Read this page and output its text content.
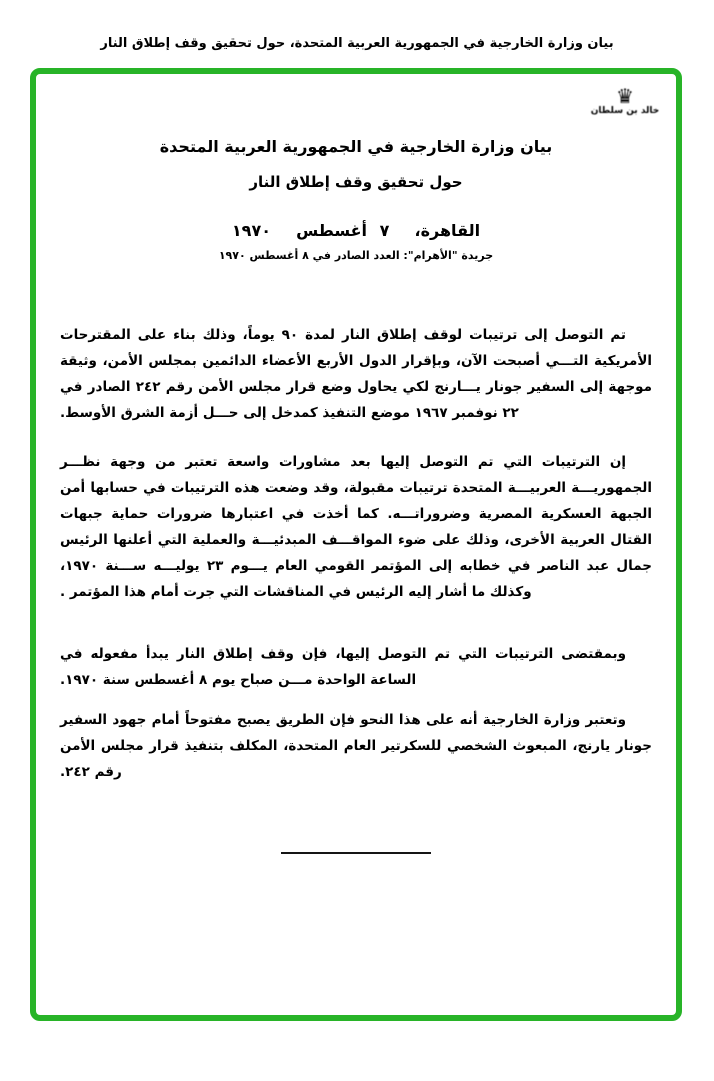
بيان وزارة الخارجية في الجمهورية العربية المتحدة، حول تحقيق وقف إطلاق النار
♛
خالد بن سلطان
بيان وزارة الخارجية في الجمهورية العربية المتحدة
حول تحقيق وقف إطلاق النار
القاهرة،  ٧ أغسطس  ١٩٧٠
جريدة "الأهرام": العدد الصادر في ٨ أغسطس ١٩٧٠

تم التوصل إلى ترتيبات لوقف إطلاق النار لمدة ٩٠ يوماً، وذلك بناء على المقترحات الأمريكية التـــي أصبحت الآن، وبإقرار الدول الأربع الأعضاء الدائمين بمجلس الأمن، وثيقة موجهة إلى السفير جونار يـــارنج لكي يحاول وضع قرار مجلس الأمن رقم ٢٤٢ الصادر في ٢٢ نوفمبر ١٩٦٧ موضع التنفيذ كمدخل إلى حـــل أزمة الشرق الأوسط.

إن الترتيبات التي تم التوصل إليها بعد مشاورات واسعة تعتبر من وجهة نظـــر الجمهوريـــة العربيـــة المتحدة ترتيبات مقبولة، وقد وضعت هذه الترتيبات في حسابها أمن الجبهة العسكرية المصرية وضروراتـــه. كما أخذت في اعتبارها ضرورات حماية جبهات القتال العربية الأخرى، وذلك على ضوء المواقـــف المبدئيـــة والعملية التي أعلنها الرئيس جمال عبد الناصر في خطابه إلى المؤتمر القومي العام يـــوم ٢٣ يوليـــه ســـنة ١٩٧٠، وكذلك ما أشار إليه الرئيس في المناقشات التي جرت أمام هذا المؤتمر .

وبمقتضى الترتيبات التي تم التوصل إليها، فإن وقف إطلاق النار يبدأ مفعوله في الساعة الواحدة مـــن صباح يوم ٨ أغسطس سنة ١٩٧٠.

وتعتبر وزارة الخارجية أنه على هذا النحو فإن الطريق يصبح مفتوحاً أمام جهود السفير جونار يارنج، المبعوث الشخصي للسكرتير العام المتحدة، المكلف بتنفيذ قرار مجلس الأمن رقم ٢٤٢.
